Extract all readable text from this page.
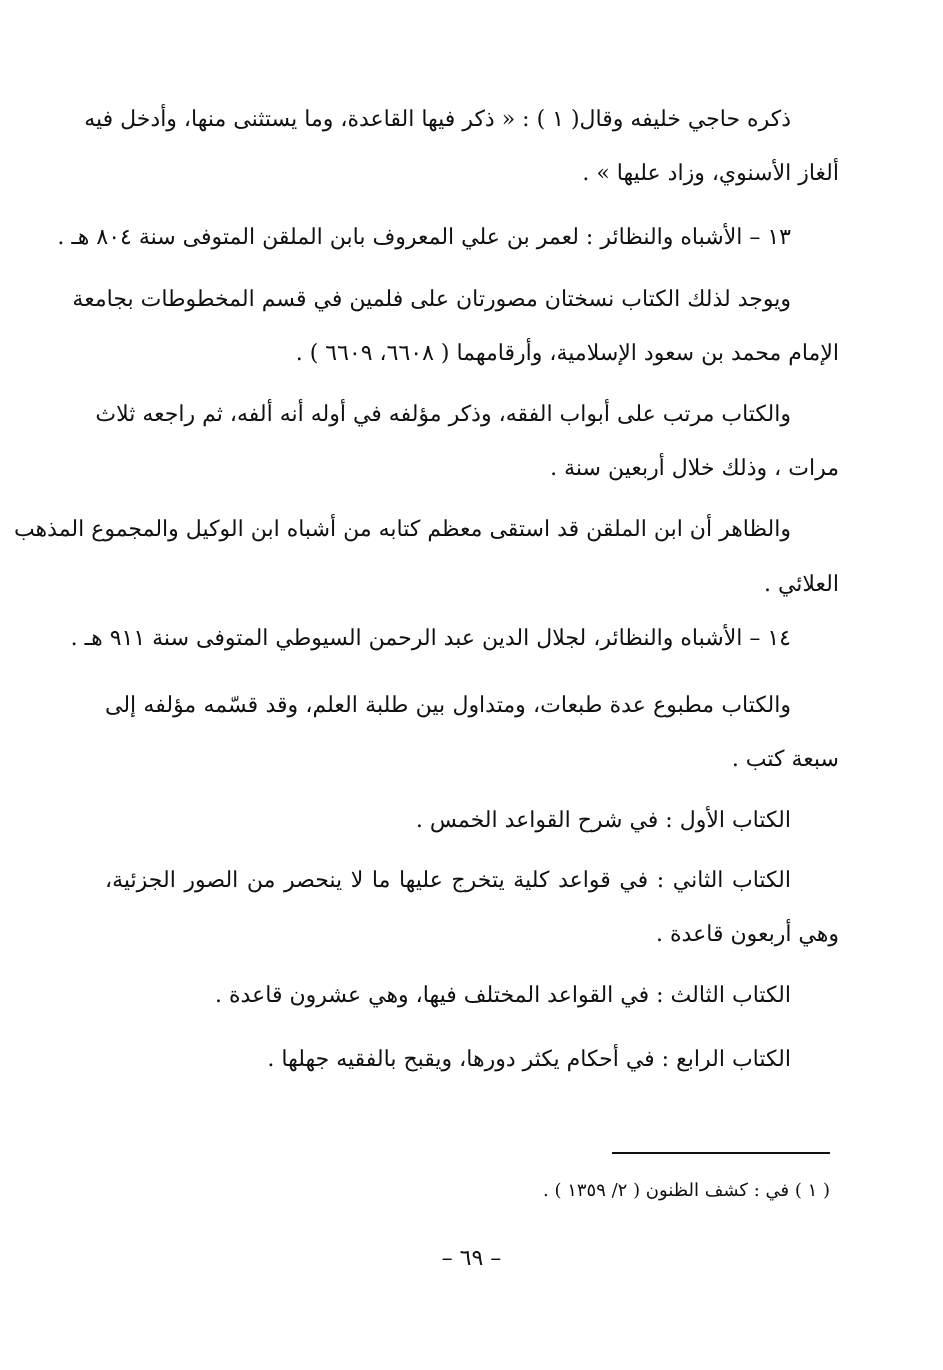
ذكره حاجي خليفه وقال( ١ ) : « ذكر فيها القاعدة، وما يستثنى منها، وأدخل فيه
ألغاز الأسنوي، وزاد عليها » .
١٣ – الأشباه والنظائر : لعمر بن علي المعروف بابن الملقن المتوفى سنة ٨٠٤ هـ .
ويوجد لذلك الكتاب نسختان مصورتان على فلمين في قسم المخطوطات بجامعة
الإمام محمد بن سعود الإسلامية، وأرقامهما ( ٦٦٠٨، ٦٦٠٩ ) .
والكتاب مرتب على أبواب الفقه، وذكر مؤلفه في أوله أنه ألفه، ثم راجعه ثلاث
مرات ، وذلك خلال أربعين سنة .
والظاهر أن ابن الملقن قد استقى معظم كتابه من أشباه ابن الوكيل والمجموع المذهب
العلائي .
١٤ – الأشباه والنظائر، لجلال الدين عبد الرحمن السيوطي المتوفى سنة ٩١١ هـ .
والكتاب مطبوع عدة طبعات، ومتداول بين طلبة العلم، وقد قسّمه مؤلفه إلى
سبعة كتب .
الكتاب الأول : في شرح القواعد الخمس .
الكتاب الثاني : في قواعد كلية يتخرج عليها ما لا ينحصر من الصور الجزئية،
وهي أربعون قاعدة .
الكتاب الثالث : في القواعد المختلف فيها، وهي عشرون قاعدة .
الكتاب الرابع : في أحكام يكثر دورها، ويقبح بالفقيه جهلها .
( ١ ) في : كشف الظنون ( ٢/ ١٣٥٩ ) .
– ٦٩ –
